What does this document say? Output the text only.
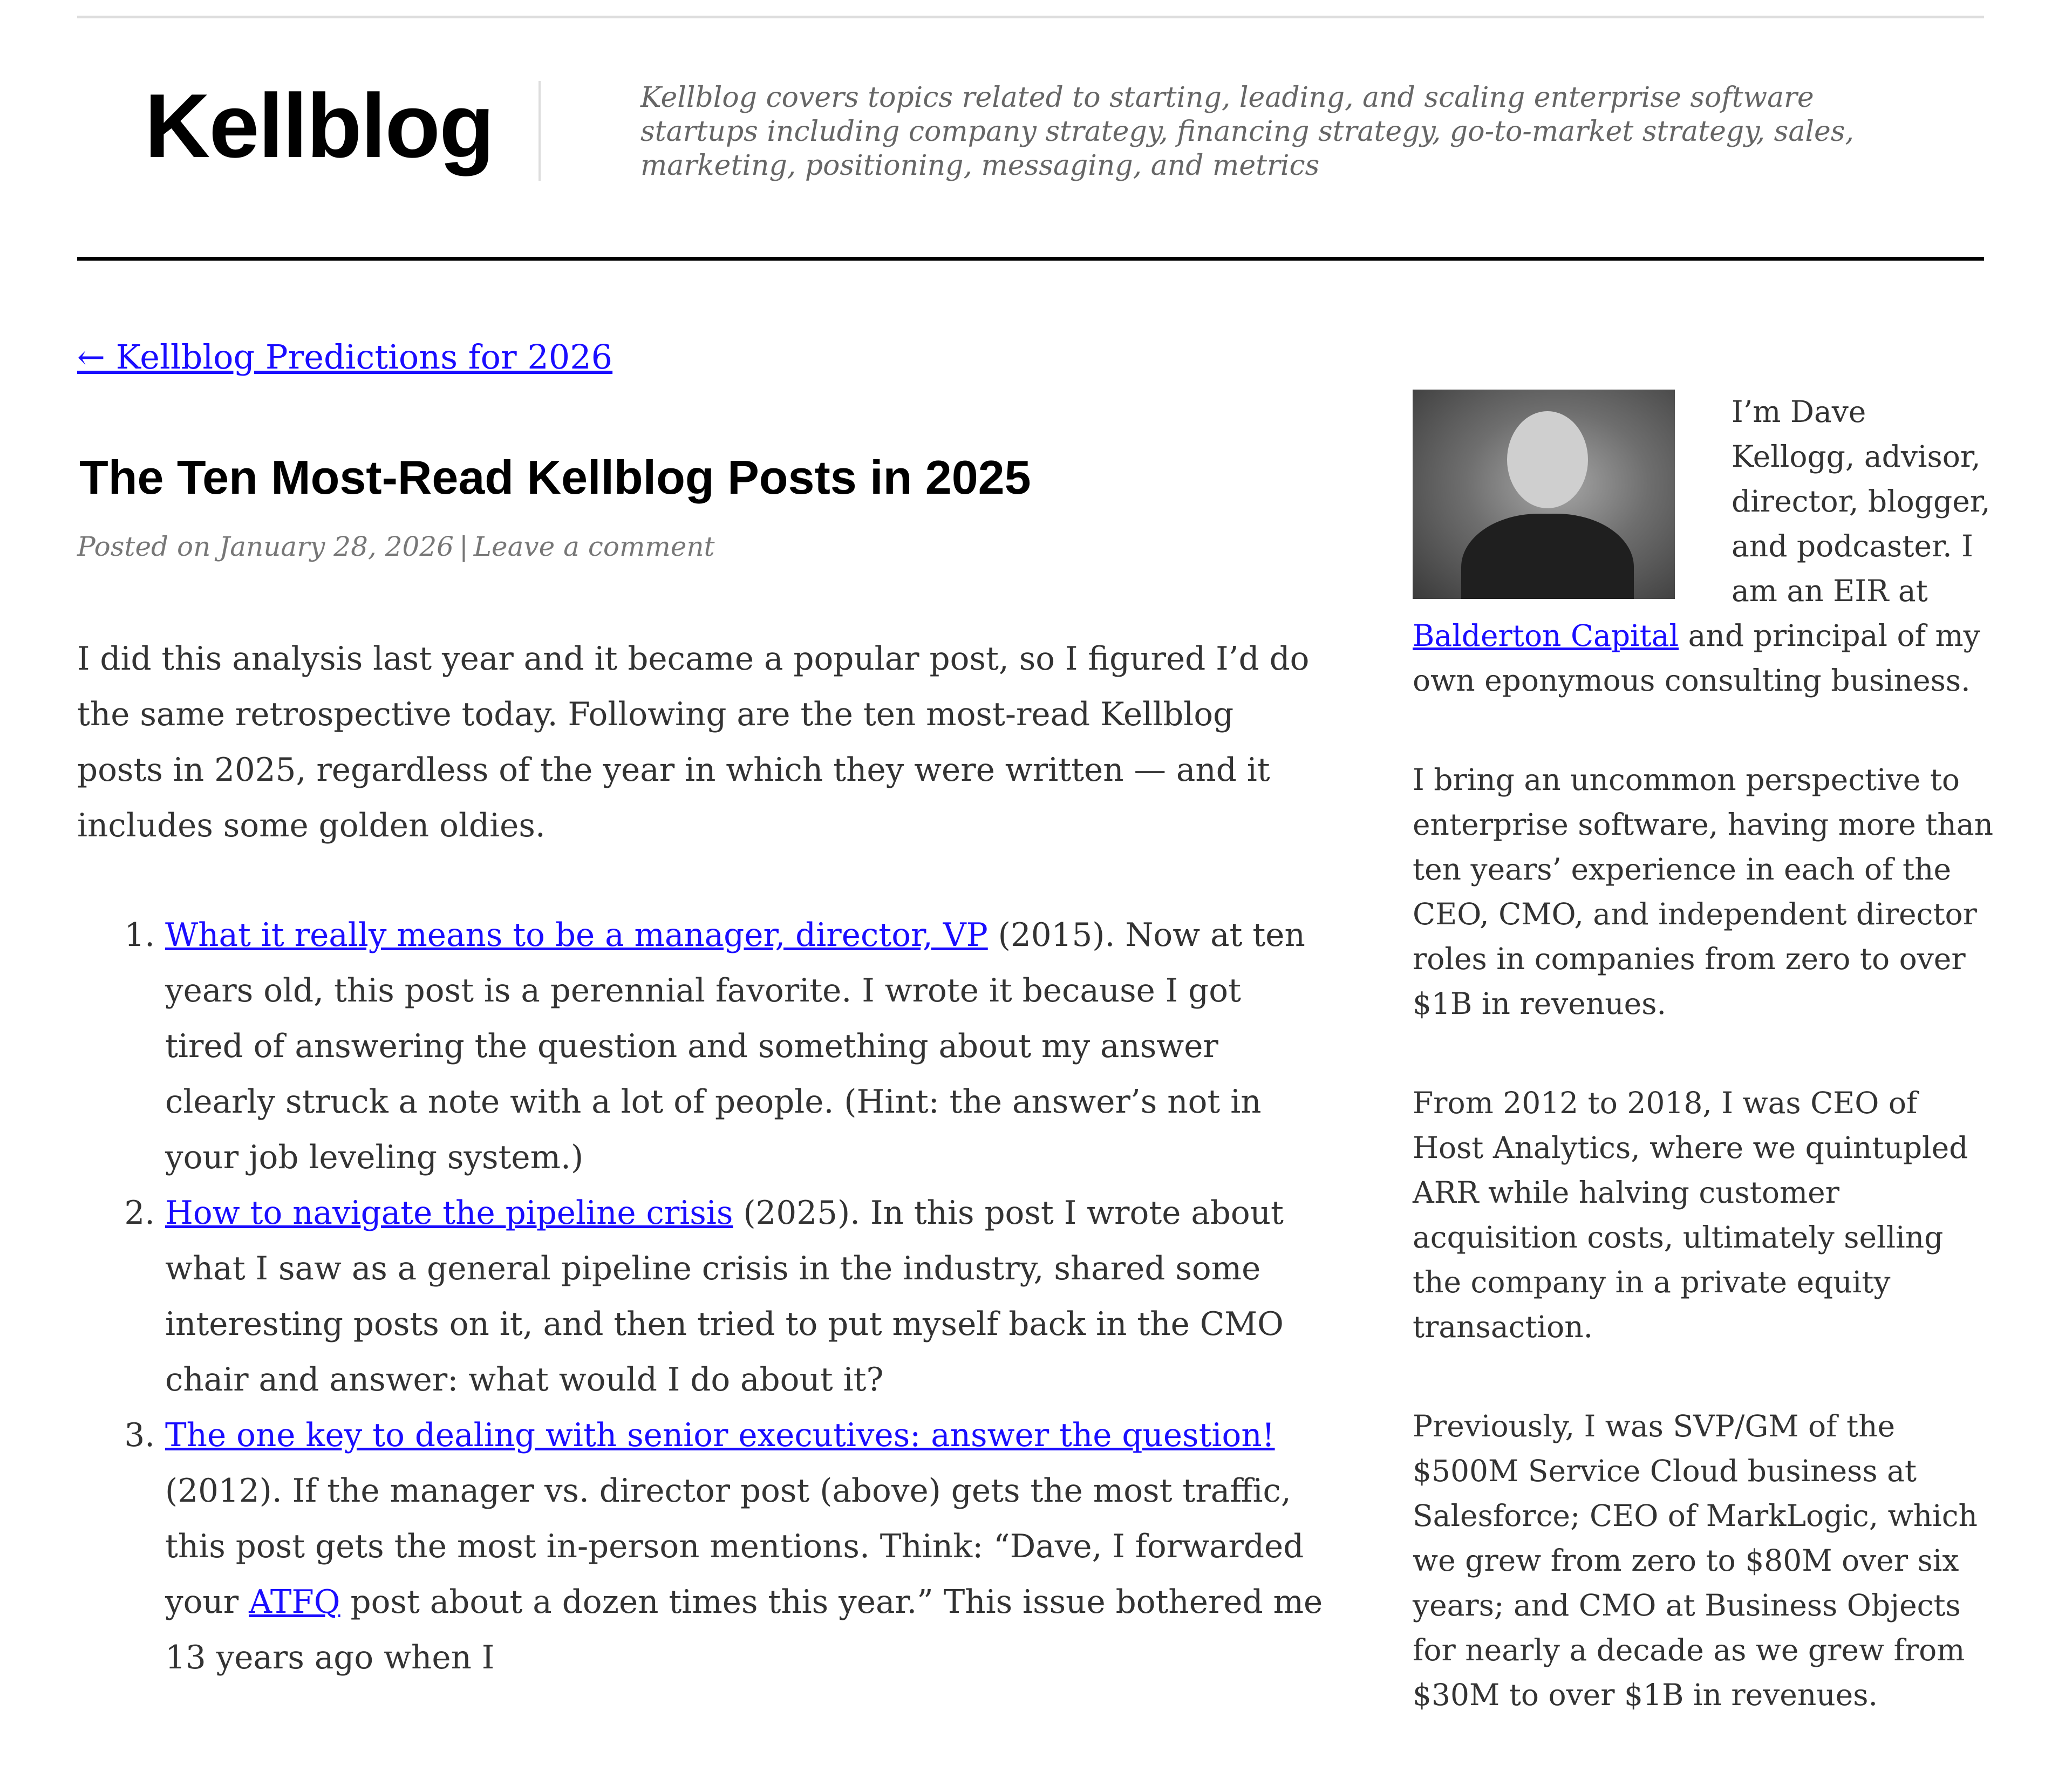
Kellblog	Kellblog covers topics related to starting, leading, and scaling enterprise software startups including company strategy, financing strategy, go-to-market strategy, sales, marketing, positioning, messaging, and metrics
← Kellblog Predictions for 2026
The Ten Most-Read Kellblog Posts in 2025
Posted on January 28, 2026 | Leave a comment

I did this analysis last year and it became a popular post, so I figured I’d do the same retrospective today. Following are the ten most-read Kellblog posts in 2025, regardless of the year in which they were written — and it includes some golden oldies.

1. What it really means to be a manager, director, VP (2015). Now at ten years old, this post is a perennial favorite. I wrote it because I got tired of answering the question and something about my answer clearly struck a note with a lot of people. (Hint: the answer’s not in your job leveling system.)
2. How to navigate the pipeline crisis (2025). In this post I wrote about what I saw as a general pipeline crisis in the industry, shared some interesting posts on it, and then tried to put myself back in the CMO chair and answer: what would I do about it?
3. The one key to dealing with senior executives: answer the question! (2012). If the manager vs. director post (above) gets the most traffic, this post gets the most in-person mentions. Think: “Dave, I forwarded your ATFQ post about a dozen times this year.” This issue bothered me 13 years ago when I

I’m Dave Kellogg, advisor, director, blogger, and podcaster. I am an EIR at Balderton Capital and principal of my own eponymous consulting business.

I bring an uncommon perspective to enterprise software, having more than ten years’ experience in each of the CEO, CMO, and independent director roles in companies from zero to over $1B in revenues.

From 2012 to 2018, I was CEO of Host Analytics, where we quintupled ARR while halving customer acquisition costs, ultimately selling the company in a private equity transaction.

Previously, I was SVP/GM of the $500M Service Cloud business at Salesforce; CEO of MarkLogic, which we grew from zero to $80M over six years; and CMO at Business Objects for nearly a decade as we grew from $30M to over $1B in revenues.
